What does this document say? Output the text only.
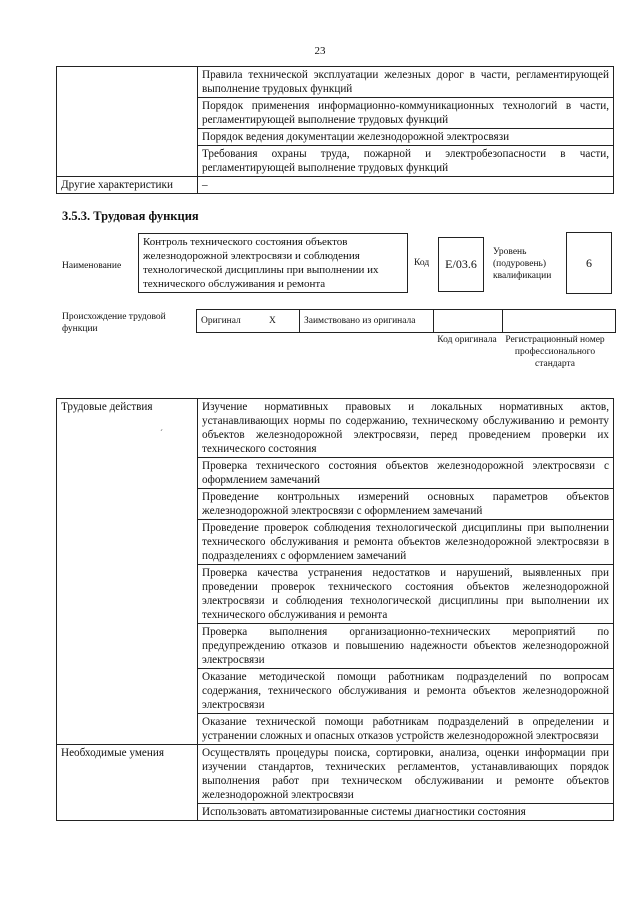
23
	Правила технической эксплуатации железных дорог в части, регламентирующей выполнение трудовых функций
	Порядок применения информационно-коммуникационных технологий в части, регламентирующей выполнение трудовых функций
	Порядок ведения документации железнодорожной электросвязи
	Требования охраны труда, пожарной и электробезопасности в части, регламентирующей выполнение трудовых функций
Другие характеристики	–
3.5.3. Трудовая функция
Наименование
Контроль технического состояния объектов железнодорожной электросвязи и соблюдения технологической дисциплины при выполнении их технического обслуживания и ремонта
Код	E/03.6
Уровень (подуровень) квалификации
6
Происхождение трудовой функции
Оригинал	X	Заимствовано из оригинала		
Код оригинала Регистрационный номер профессионального стандарта
Трудовые действия	Изучение нормативных правовых и локальных нормативных актов, устанавливающих нормы по содержанию, техническому обслуживанию и ремонту объектов железнодорожной электросвязи, перед проведением проверки их технического состояния
	Проверка технического состояния объектов железнодорожной электросвязи с оформлением замечаний
	Проведение контрольных измерений основных параметров объектов железнодорожной электросвязи с оформлением замечаний
	Проведение проверок соблюдения технологической дисциплины при выполнении технического обслуживания и ремонта объектов железнодорожной электросвязи в подразделениях с оформлением замечаний
	Проверка качества устранения недостатков и нарушений, выявленных при проведении проверок технического состояния объектов железнодорожной электросвязи и соблюдения технологической дисциплины при выполнении их технического обслуживания и ремонта
	Проверка выполнения организационно-технических мероприятий по предупреждению отказов и повышению надежности объектов железнодорожной электросвязи
	Оказание методической помощи работникам подразделений по вопросам содержания, технического обслуживания и ремонта объектов железнодорожной электросвязи
	Оказание технической помощи работникам подразделений в определении и устранении сложных и опасных отказов устройств железнодорожной электросвязи
Необходимые умения	Осуществлять процедуры поиска, сортировки, анализа, оценки информации при изучении стандартов, технических регламентов, устанавливающих порядок выполнения работ при техническом обслуживании и ремонте объектов железнодорожной электросвязи
	Использовать автоматизированные системы диагностики состояния
ˊ
